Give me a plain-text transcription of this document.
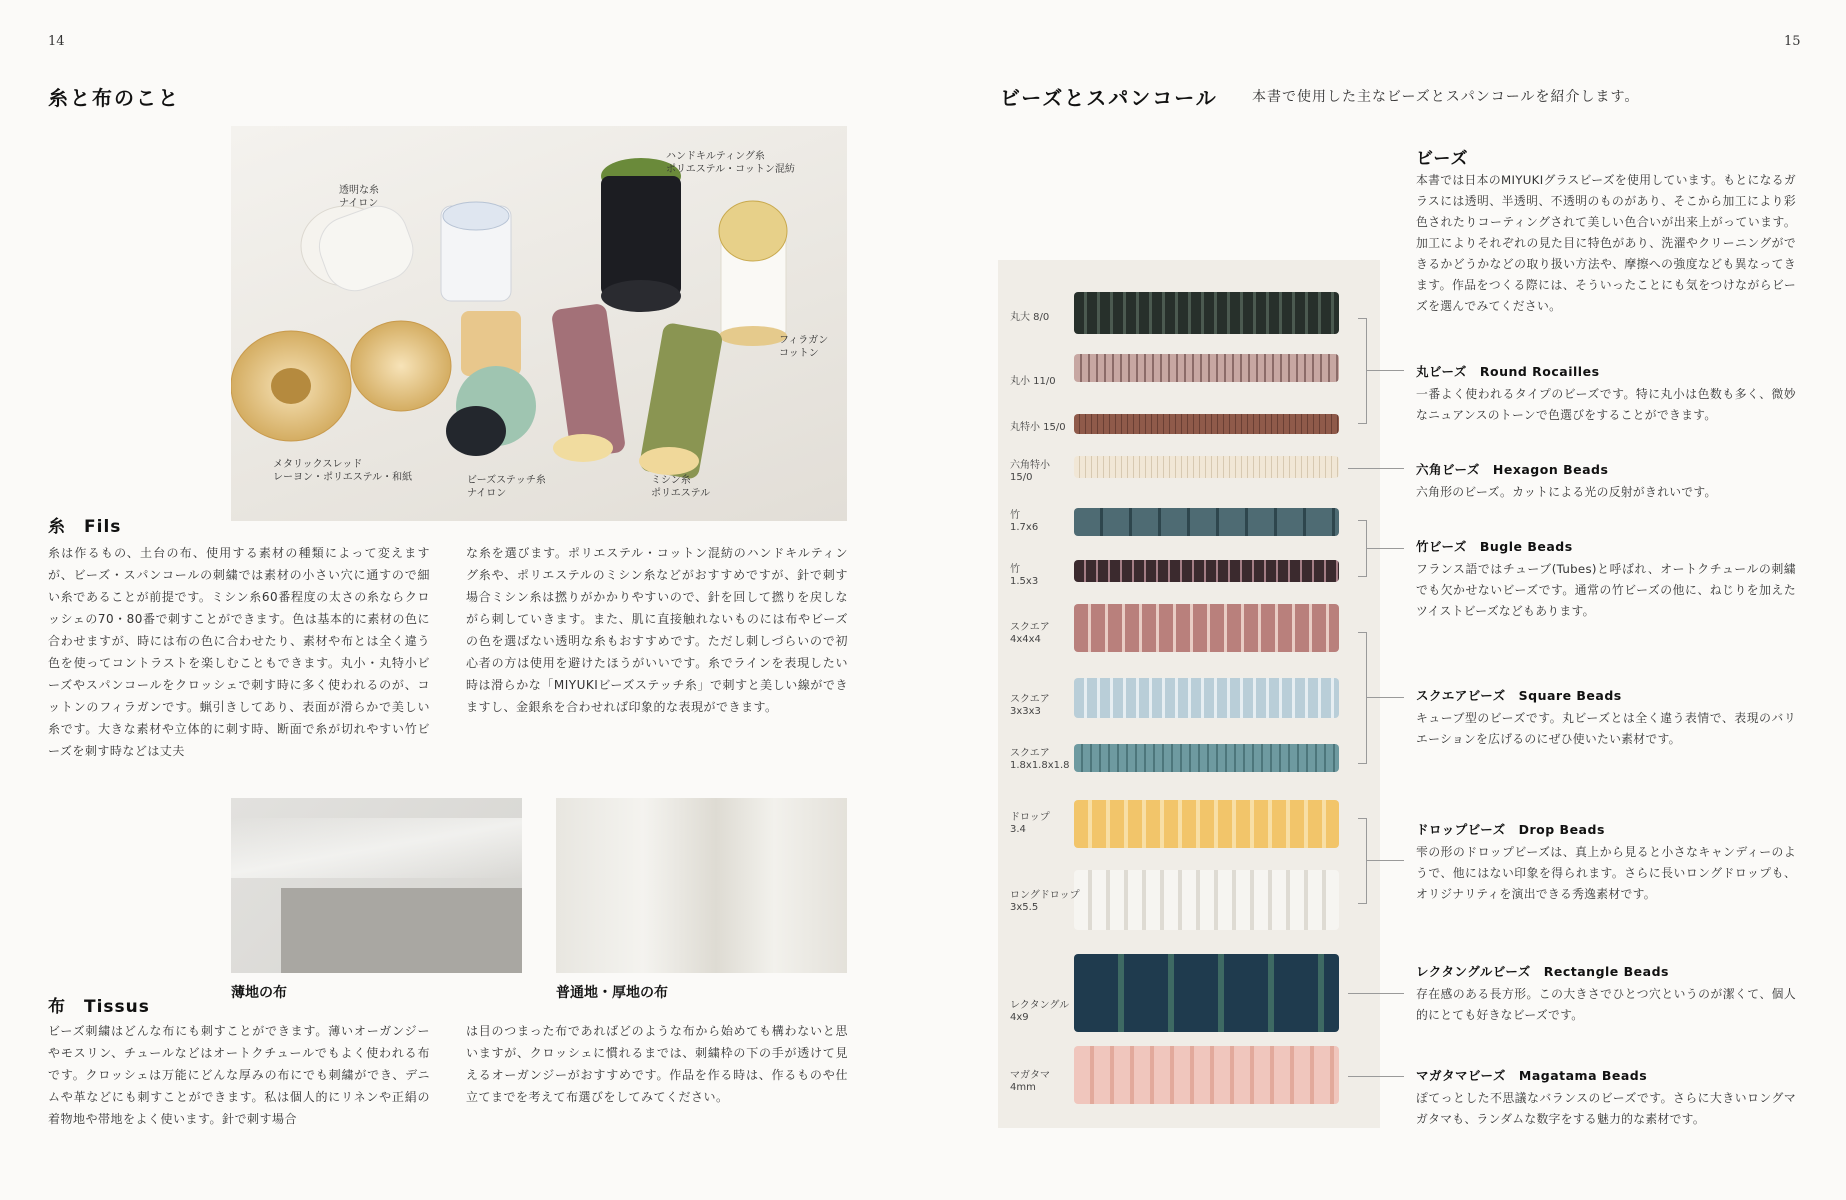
14
糸と布のこと
透明な糸
ナイロン
ハンドキルティング糸
ポリエステル・コットン混紡
フィラガン
コットン
メタリックスレッド
レーヨン・ポリエステル・和紙	ビーズステッチ糸
ナイロン
ミシン糸
ポリエステル
糸　Fils
糸は作るもの、土台の布、使用する素材の種類によって変えますが、ビーズ・スパンコールの刺繍では素材の小さい穴に通すので細い糸であることが前提です。ミシン糸60番程度の太さの糸ならクロッシェの70・80番で刺すことができます。色は基本的に素材の色に合わせますが、時には布の色に合わせたり、素材や布とは全く違う色を使ってコントラストを楽しむこともできます。丸小・丸特小ビーズやスパンコールをクロッシェで刺す時に多く使われるのが、コットンのフィラガンです。蝋引きしてあり、表面が滑らかで美しい糸です。大きな素材や立体的に刺す時、断面で糸が切れやすい竹ビーズを刺す時などは丈夫
な糸を選びます。ポリエステル・コットン混紡のハンドキルティング糸や、ポリエステルのミシン糸などがおすすめですが、針で刺す場合ミシン糸は撚りがかかりやすいので、針を回して撚りを戻しながら刺していきます。また、肌に直接触れないものには布やビーズの色を選ばない透明な糸もおすすめです。ただし刺しづらいので初心者の方は使用を避けたほうがいいです。糸でラインを表現したい時は滑らかな「MIYUKIビーズステッチ糸」で刺すと美しい線ができますし、金銀糸を合わせれば印象的な表現ができます。
薄地の布	普通地・厚地の布
布　Tissus
ビーズ刺繍はどんな布にも刺すことができます。薄いオーガンジーやモスリン、チュールなどはオートクチュールでもよく使われる布です。クロッシェは万能にどんな厚みの布にでも刺繍ができ、デニムや革などにも刺すことができます。私は個人的にリネンや正絹の着物地や帯地をよく使います。針で刺す場合
は目のつまった布であればどのような布から始めても構わないと思いますが、クロッシェに慣れるまでは、刺繍枠の下の手が透けて見えるオーガンジーがおすすめです。作品を作る時は、作るものや仕立てまでを考えて布選びをしてみてください。
15
ビーズとスパンコール 本書で使用した主なビーズとスパンコールを紹介します。
丸大 8/0
丸小 11/0
丸特小 15/0
六角特小
15/0
竹
1.7x6
竹
1.5x3
スクエア
4x4x4
スクエア
3x3x3
スクエア
1.8x1.8x1.8
ドロップ
3.4
ロングドロップ
3x5.5
レクタングル
4x9
マガタマ
4mm
ビーズ
本書では日本のMIYUKIグラスビーズを使用しています。もとになるガラスには透明、半透明、不透明のものがあり、そこから加工により彩色されたりコーティングされて美しい色合いが出来上がっています。加工によりそれぞれの見た目に特色があり、洗濯やクリーニングができるかどうかなどの取り扱い方法や、摩擦への強度なども異なってきます。作品をつくる際には、そういったことにも気をつけながらビーズを選んでみてください。
丸ビーズ　Round Rocailles
一番よく使われるタイプのビーズです。特に丸小は色数も多く、微妙なニュアンスのトーンで色選びをすることができます。
六角ビーズ　Hexagon Beads
六角形のビーズ。カットによる光の反射がきれいです。
竹ビーズ　Bugle Beads
フランス語ではチューブ(Tubes)と呼ばれ、オートクチュールの刺繍でも欠かせないビーズです。通常の竹ビーズの他に、ねじりを加えたツイストビーズなどもあります。
スクエアビーズ　Square Beads
キューブ型のビーズです。丸ビーズとは全く違う表情で、表現のバリエーションを広げるのにぜひ使いたい素材です。
ドロップビーズ　Drop Beads
雫の形のドロップビーズは、真上から見ると小さなキャンディーのようで、他にはない印象を得られます。さらに長いロングドロップも、オリジナリティを演出できる秀逸素材です。
レクタングルビーズ　Rectangle Beads
存在感のある長方形。この大きさでひとつ穴というのが潔くて、個人的にとても好きなビーズです。
マガタマビーズ　Magatama Beads
ぽてっとした不思議なバランスのビーズです。さらに大きいロングマガタマも、ランダムな数字をする魅力的な素材です。
